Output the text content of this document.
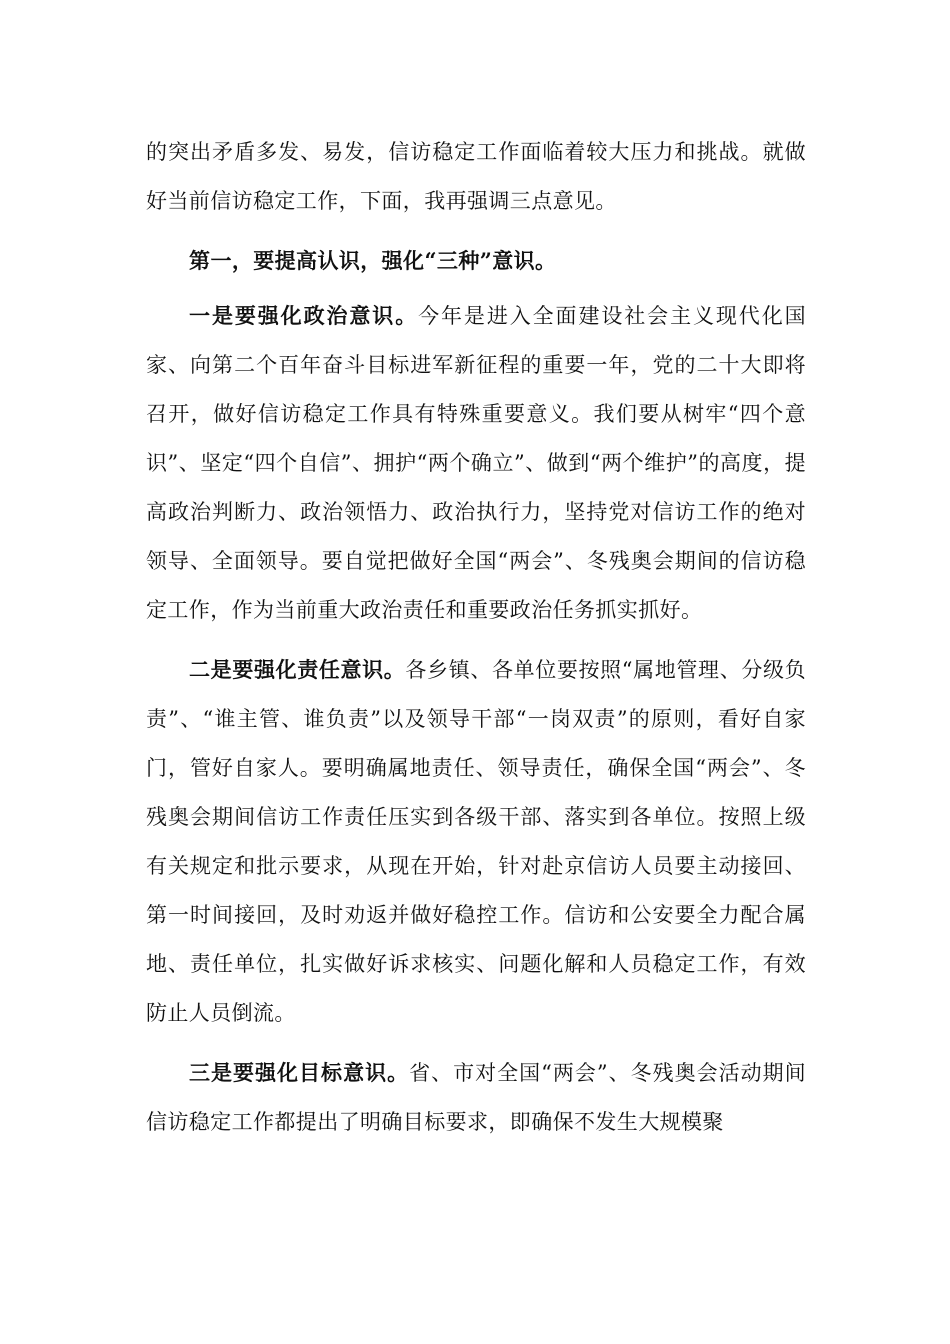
的突出矛盾多发、易发，信访稳定工作面临着较大压力和挑战。就做好当前信访稳定工作，下面，我再强调三点意见。

第一，要提高认识，强化“三种”意识。

一是要强化政治意识。今年是进入全面建设社会主义现代化国家、向第二个百年奋斗目标进军新征程的重要一年，党的二十大即将召开，做好信访稳定工作具有特殊重要意义。我们要从树牢“四个意识”、坚定“四个自信”、拥护“两个确立”、做到“两个维护”的高度，提高政治判断力、政治领悟力、政治执行力，坚持党对信访工作的绝对领导、全面领导。要自觉把做好全国“两会”、冬残奥会期间的信访稳定工作，作为当前重大政治责任和重要政治任务抓实抓好。

二是要强化责任意识。各乡镇、各单位要按照“属地管理、分级负责”、“谁主管、谁负责”以及领导干部“一岗双责”的原则，看好自家门，管好自家人。要明确属地责任、领导责任，确保全国“两会”、冬残奥会期间信访工作责任压实到各级干部、落实到各单位。按照上级有关规定和批示要求，从现在开始，针对赴京信访人员要主动接回、第一时间接回，及时劝返并做好稳控工作。信访和公安要全力配合属地、责任单位，扎实做好诉求核实、问题化解和人员稳定工作，有效防止人员倒流。

三是要强化目标意识。省、市对全国“两会”、冬残奥会活动期间信访稳定工作都提出了明确目标要求，即确保不发生大规模聚
